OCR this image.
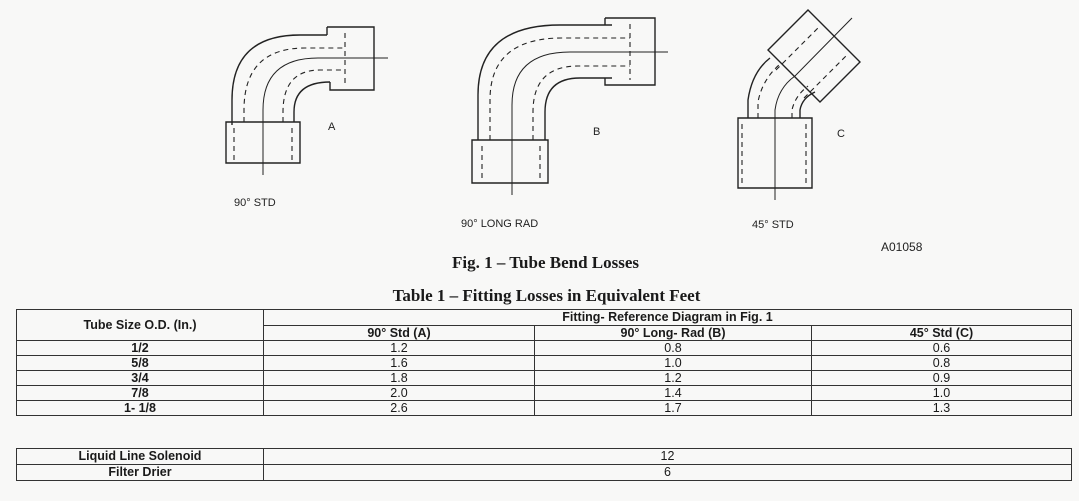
A	B	C
90° STD
90° LONG RAD	45° STD
A01058
Fig. 1 – Tube Bend Losses
Table 1 – Fitting Losses in Equivalent Feet
Tube Size O.D. (In.)	Fitting- Reference Diagram in Fig. 1		
	90° Std (A)	90° Long- Rad (B)	45° Std (C)
1/2	1.2	0.8	0.6
5/8	1.6	1.0	0.8
3/4	1.8	1.2	0.9
7/8	2.0	1.4	1.0
1- 1/8	2.6	1.7	1.3
Liquid Line Solenoid	12
Filter Drier	6
